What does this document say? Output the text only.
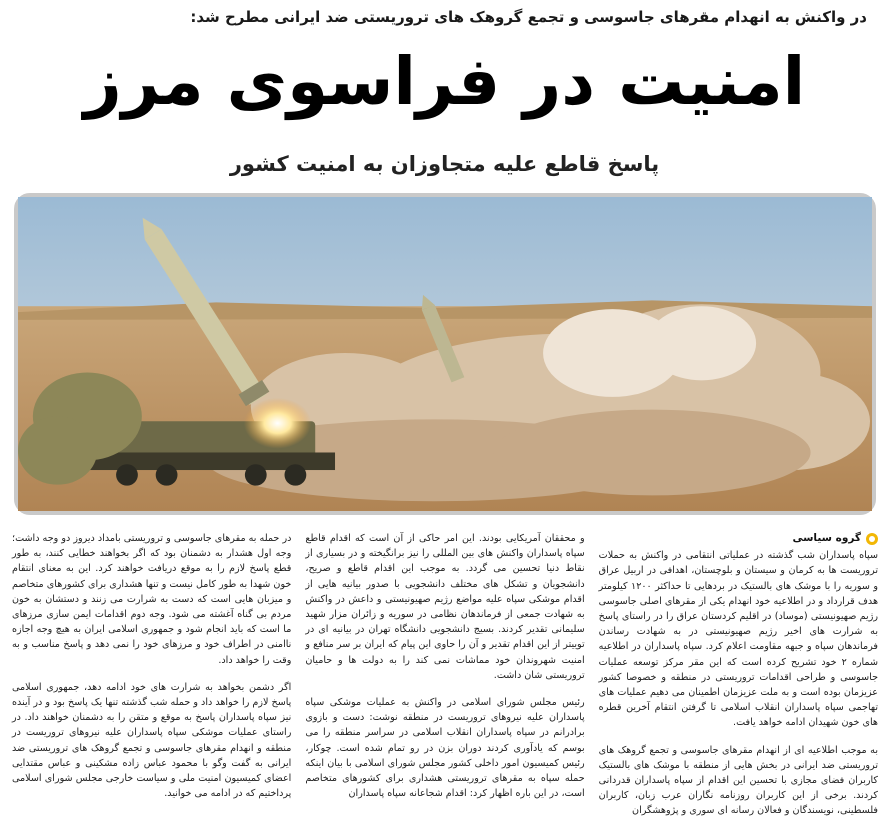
در واکنش به انهدام مقرهای جاسوسی و تجمع گروهک های تروریستی ضد ایرانی مطرح شد:
امنیت در فراسوی مرز
پاسخ قاطع علیه متجاوزان به امنیت کشور
گروه سیاسی

سپاه پاسداران شب گذشته در عملیاتی انتقامی در واکنش به حملات تروریست ها به کرمان و سیستان و بلوچستان، اهدافی در اربیل عراق و سوریه را با موشک های بالستیک در بردهایی تا حداکثر ۱۲۰۰ کیلومتر هدف قرارداد و در اطلاعیه خود انهدام یکی از مقرهای اصلی جاسوسی رژیم صهیونیستی (موساد) در اقلیم کردستان عراق را در راستای پاسخ به شرارت های اخیر رژیم صهیونیستی در به شهادت رساندن فرماندهان سپاه و جبهه مقاومت اعلام کرد. سپاه پاسداران در اطلاعیه شماره ۲ خود تشریح کرده است که این مقر مرکز توسعه عملیات جاسوسی و طراحی اقدامات تروریستی در منطقه و خصوصا کشور عزیزمان بوده است و به ملت عزیزمان اطمینان می دهیم عملیات های تهاجمی سپاه پاسداران انقلاب اسلامی تا گرفتن انتقام آخرین قطره های خون شهیدان ادامه خواهد یافت.

به موجب اطلاعیه ای از انهدام مقرهای جاسوسی و تجمع گروهک های تروریستی ضد ایرانی در بخش هایی از منطقه با موشک های بالستیک کاربران فضای مجازی با تحسین این اقدام از سپاه پاسداران قدردانی کردند. برخی از این کاربران روزنامه نگاران عرب زبان، کاربران فلسطینی، نویسندگان و فعالان رسانه ای سوری و پژوهشگران

و محققان آمریکایی بودند. این امر حاکی از آن است که اقدام قاطع سپاه پاسداران واکنش های بین المللی را نیز برانگیخته و در بسیاری از نقاط دنیا تحسین می گردد. به موجب این اقدام قاطع و صریح، دانشجویان و تشکل های مختلف دانشجویی با صدور بیانیه هایی از اقدام موشکی سپاه علیه مواضع رژیم صهیونیستی و داعش در واکنش به شهادت جمعی از فرماندهان نظامی در سوریه و زائران مزار شهید سلیمانی تقدیر کردند. بسیج دانشجویی دانشگاه تهران در بیانیه ای در توییتر از این اقدام تقدیر و آن را حاوی این پیام که ایران بر سر منافع و امنیت شهروندان خود مماشات نمی کند را به دولت ها و حامیان تروریستی شان داشت.

رئیس مجلس شورای اسلامی در واکنش به عملیات موشکی سپاه پاسداران علیه نیروهای تروریست در منطقه نوشت: دست و بازوی برادرانم در سپاه پاسداران انقلاب اسلامی در سراسر منطقه را می بوسم که یادآوری کردند دوران بزن در رو تمام شده است. چوکار، رئیس کمیسیون امور داخلی کشور مجلس شورای اسلامی با بیان اینکه حمله سپاه به مقرهای تروریستی هشداری برای کشورهای متخاصم است، در این باره اظهار کرد: اقدام شجاعانه سپاه پاسداران

در حمله به مقرهای جاسوسی و تروریستی بامداد دیروز دو وجه داشت؛ وجه اول هشدار به دشمنان بود که اگر بخواهند خطایی کنند، به طور قطع پاسخ لازم را به موقع دریافت خواهند کرد. این به معنای انتقام خون شهدا به طور کامل نیست و تنها هشداری برای کشورهای متخاصم و میزبان هایی است که دست به شرارت می زنند و دستشان به خون مردم بی گناه آغشته می شود. وجه دوم اقدامات ایمن سازی مرزهای ما است که باید انجام شود و جمهوری اسلامی ایران به هیچ وجه اجازه ناامنی در اطراف خود و مرزهای خود را نمی دهد و پاسخ مناسب و به وقت را خواهد داد.

اگر دشمن بخواهد به شرارت های خود ادامه دهد، جمهوری اسلامی پاسخ لازم را خواهد داد و حمله شب گذشته تنها یک پاسخ بود و در آینده نیز سپاه پاسداران پاسخ به موقع و متقن را به دشمنان خواهند داد. در راستای عملیات موشکی سپاه پاسداران علیه نیروهای تروریست در منطقه و انهدام مقرهای جاسوسی و تجمع گروهک های تروریستی ضد ایرانی به گفت وگو با محمود عباس زاده مشکینی و عباس مقتدایی اعضای کمیسیون امنیت ملی و سیاست خارجی مجلس شورای اسلامی پرداختیم که در ادامه می خوانید.
